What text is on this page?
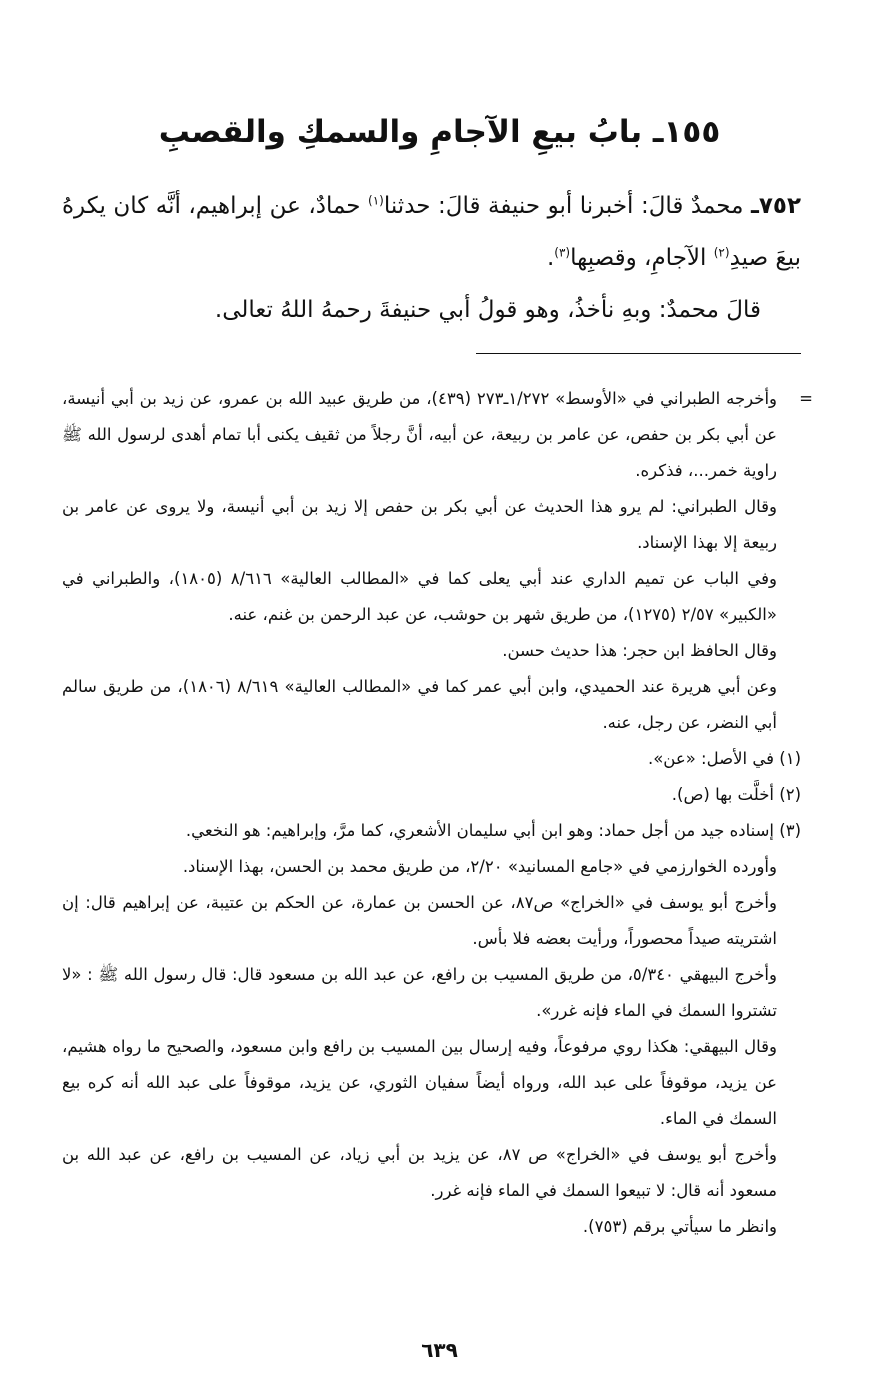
١٥٥ـ بابُ بيعِ الآجامِ والسمكِ والقصبِ

٧٥٢ـ محمدٌ قالَ: أخبرنا أبو حنيفة قالَ: حدثنا$^{(١)}$ حمادٌ، عن إبراهيم، أنَّه كان يكرهُ بيعَ صيدِ$^{(٢)}$ الآجامِ، وقصبِها$^{(٣)}$.

قالَ محمدٌ: وبهِ نأخذُ، وهو قولُ أبي حنيفةَ رحمهُ اللهُ تعالى.

=

وأخرجه الطبراني في «الأوسط» ١/٢٧٢ـ٢٧٣ (٤٣٩)، من طريق عبيد الله بن عمرو، عن زيد بن أبي أنيسة، عن أبي بكر بن حفص، عن عامر بن ربيعة، عن أبيه، أنَّ رجلاً من ثقيف يكنى أبا تمام أهدى لرسول الله ﷺ راوية خمر...، فذكره.

وقال الطبراني: لم يرو هذا الحديث عن أبي بكر بن حفص إلا زيد بن أبي أنيسة، ولا يروى عن عامر بن ربيعة إلا بهذا الإسناد.

وفي الباب عن تميم الداري عند أبي يعلى كما في «المطالب العالية» ٨/٦١٦ (١٨٠٥)، والطبراني في «الكبير» ٢/٥٧ (١٢٧٥)، من طريق شهر بن حوشب، عن عبد الرحمن بن غنم، عنه.

وقال الحافظ ابن حجر: هذا حديث حسن.

وعن أبي هريرة عند الحميدي، وابن أبي عمر كما في «المطالب العالية» ٨/٦١٩ (١٨٠٦)، من طريق سالم أبي النضر، عن رجل، عنه.

(١) في الأصل: «عن».

(٢) أخلَّت بها (ص).

(٣) إسناده جيد من أجل حماد: وهو ابن أبي سليمان الأشعري، كما مرَّ، وإبراهيم: هو النخعي.

وأورده الخوارزمي في «جامع المسانيد» ٢/٢٠، من طريق محمد بن الحسن، بهذا الإسناد.

وأخرج أبو يوسف في «الخراج» ص٨٧، عن الحسن بن عمارة، عن الحكم بن عتيبة، عن إبراهيم قال: إن اشتريته صيداً محصوراً، ورأيت بعضه فلا بأس.

وأخرج البيهقي ٥/٣٤٠، من طريق المسيب بن رافع، عن عبد الله بن مسعود قال: قال رسول الله ﷺ : «لا تشتروا السمك في الماء فإنه غرر».

وقال البيهقي: هكذا روي مرفوعاً، وفيه إرسال بين المسيب بن رافع وابن مسعود، والصحيح ما رواه هشيم، عن يزيد، موقوفاً على عبد الله، ورواه أيضاً سفيان الثوري، عن يزيد، موقوفاً على عبد الله أنه كره بيع السمك في الماء.

وأخرج أبو يوسف في «الخراج» ص ٨٧، عن يزيد بن أبي زياد، عن المسيب بن رافع، عن عبد الله بن مسعود أنه قال: لا تبيعوا السمك في الماء فإنه غرر.

وانظر ما سيأتي برقم (٧٥٣).

٦٣٩
